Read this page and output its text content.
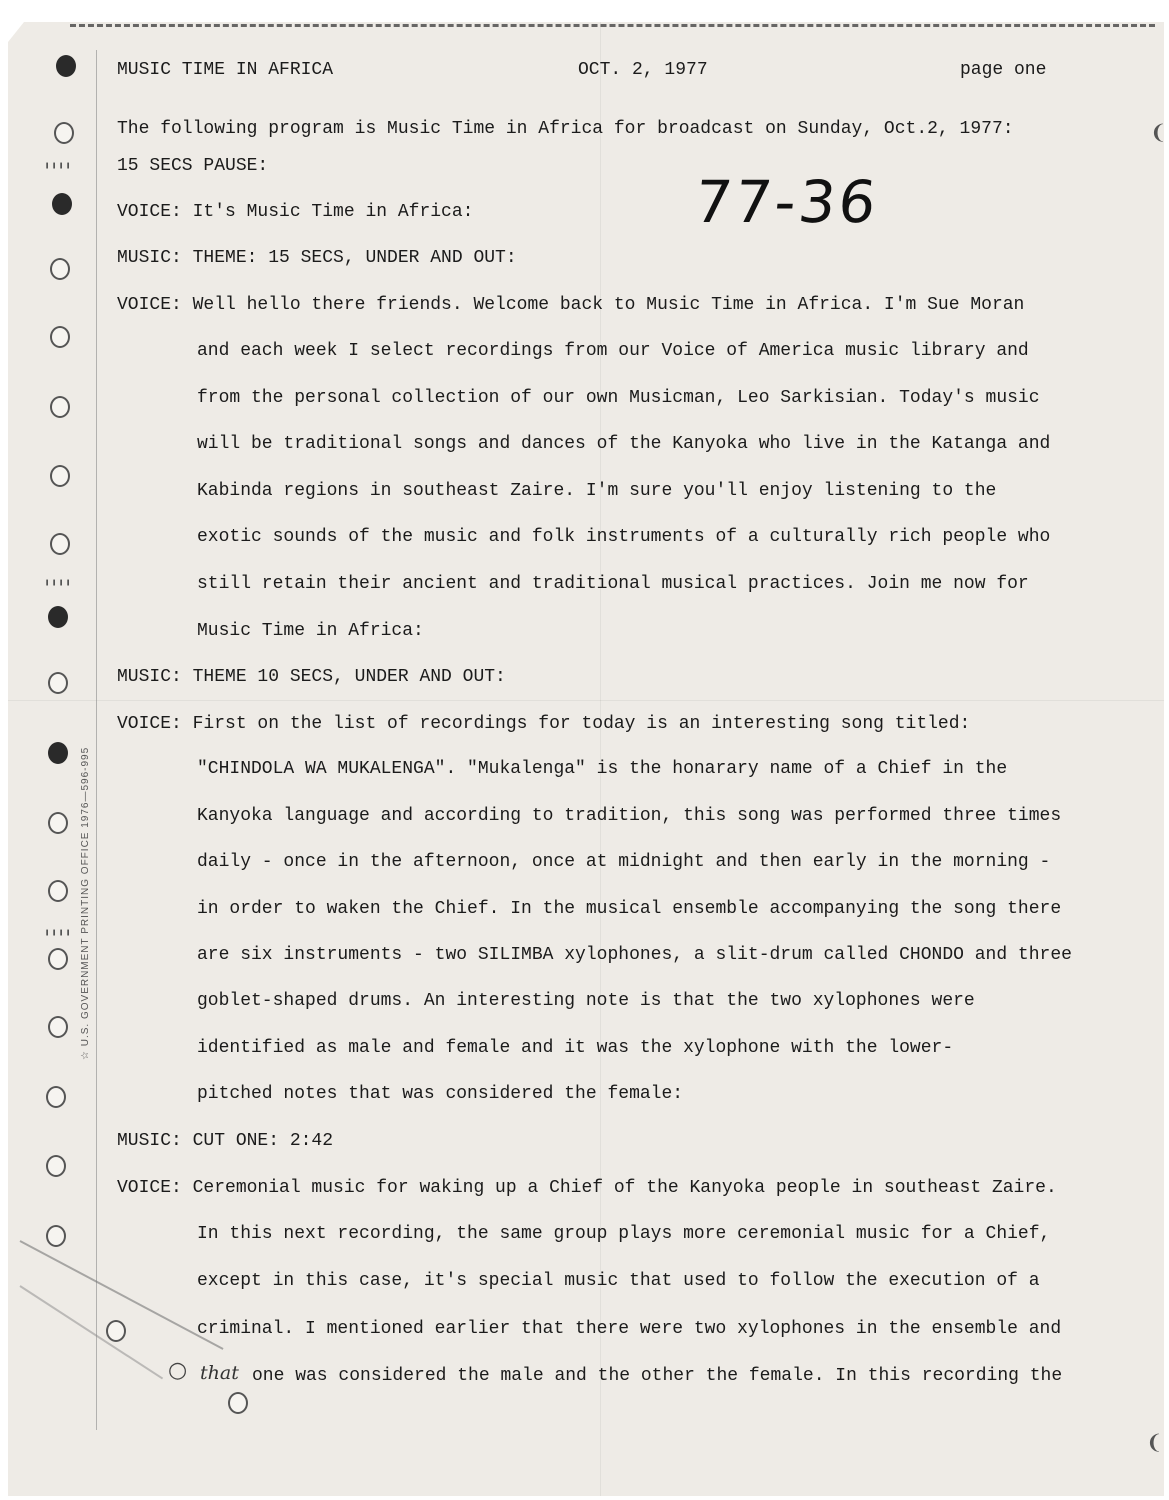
╻╻╻╻
╻╻╻╻
╻╻╻╻ ☆ U.S. GOVERNMENT PRINTING OFFICE 1976—596-995
MUSIC TIME IN AFRICA	OCT. 2, 1977	page one
77-36
The following program is Music Time in Africa for broadcast on Sunday, Oct.2, 1977:
15 SECS PAUSE:
VOICE: It's Music Time in Africa:
MUSIC: THEME: 15 SECS, UNDER AND OUT:
VOICE: Well hello there friends. Welcome back to Music Time in Africa. I'm Sue Moran
and each week I select recordings from our Voice of America music library and
from the personal collection of our own Musicman, Leo Sarkisian. Today's music
will be traditional songs and dances of the Kanyoka who live in the Katanga and
Kabinda regions in southeast Zaire. I'm sure you'll enjoy listening to the
exotic sounds of the music and folk instruments of a culturally rich people who
still retain their ancient and traditional musical practices. Join me now for
Music Time in Africa:
MUSIC: THEME 10 SECS, UNDER AND OUT:
VOICE: First on the list of recordings for today is an interesting song titled:
"CHINDOLA WA MUKALENGA". "Mukalenga" is the honarary name of a Chief in the
Kanyoka language and according to tradition, this song was performed three times
daily - once in the afternoon, once at midnight and then early in the morning -
in order to waken the Chief. In the musical ensemble accompanying the song there
are six instruments - two SILIMBA xylophones, a slit-drum called CHONDO and three
goblet-shaped drums. An interesting note is that the two xylophones were
identified as male and female and it was the xylophone with the lower-
pitched notes that was considered the female:
MUSIC: CUT ONE: 2:42
VOICE: Ceremonial music for waking up a Chief of the Kanyoka people in southeast Zaire.
In this next recording, the same group plays more ceremonial music for a Chief,
except in this case, it's special music that used to follow the execution of a
criminal. I mentioned earlier that there were two xylophones in the ensemble and
one was considered the male and the other the female. In this recording the
that
○
❨
❨
